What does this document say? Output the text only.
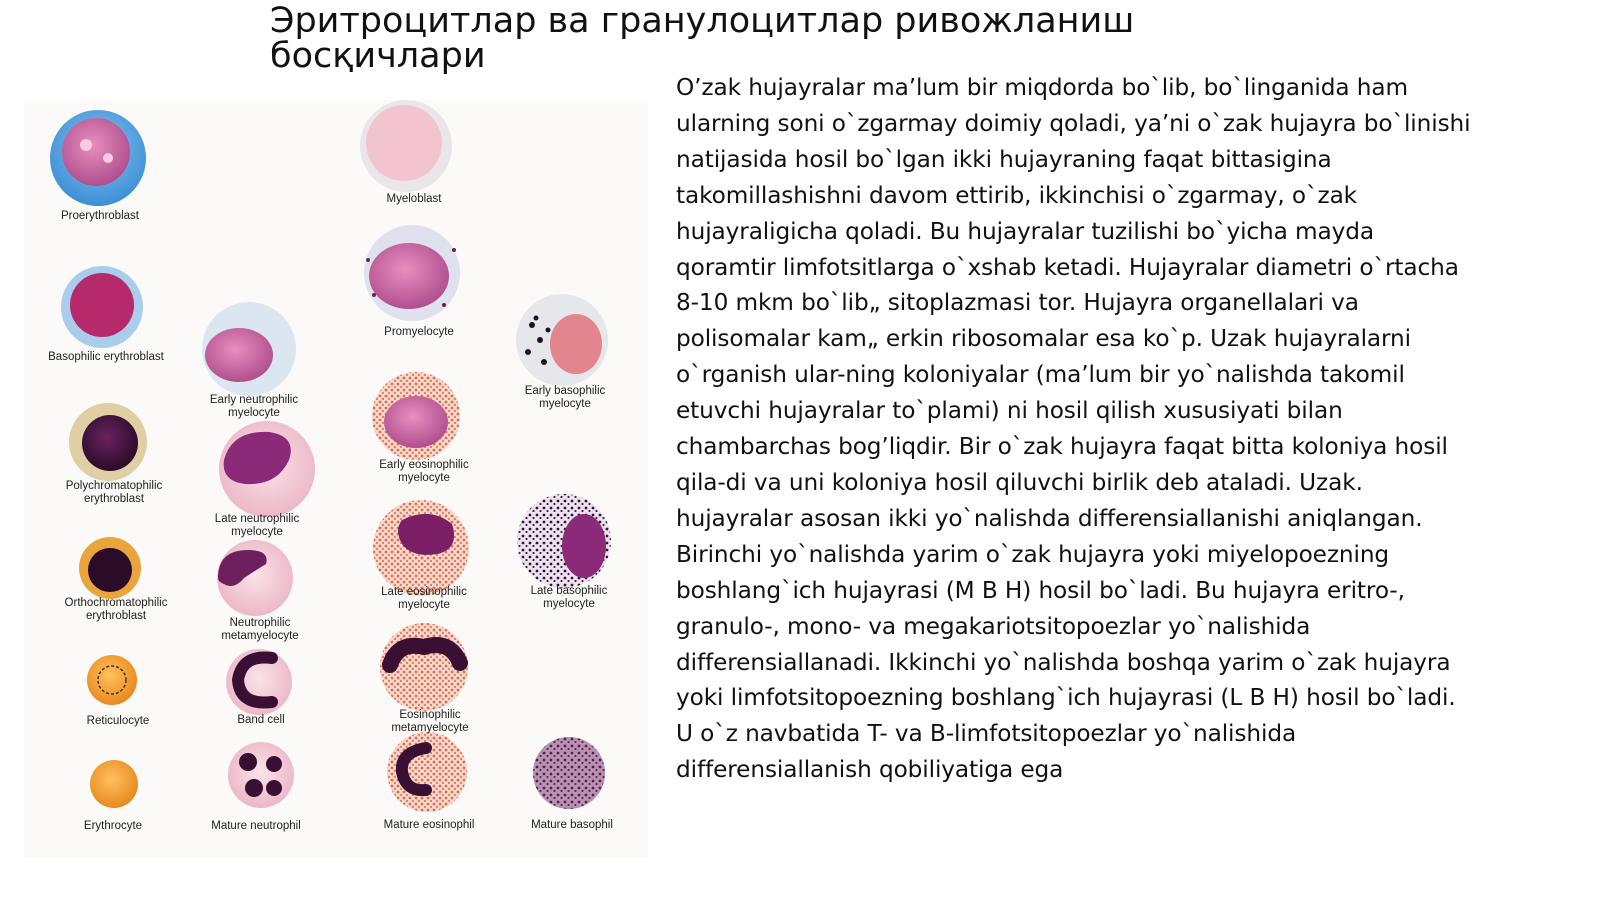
Эритроцитлар ва гранулоцитлар ривожланиш босқичлари
Proerythroblast
Basophilic erythroblast
Polychromatophilic erythroblast
Orthochromatophilic erythroblast
Reticulocyte
Erythrocyte
Early neutrophilic myelocyte
Late neutrophilic myelocyte
Neutrophilic metamyelocyte
Band cell
Mature neutrophil
Myeloblast
Promyelocyte
Early eosinophilic myelocyte
Late eosinophilic myelocyte
Eosinophilic metamyelocyte
Mature eosinophil
Early basophilic myelocyte
Late basophilic myelocyte
Mature basophil
O’zak hujayralar ma’lum bir miqdorda bo`lib, bo`linganida ham ularning soni o`zgarmay doimiy qoladi, ya’ni o`zak hujayra bo`linishi natijasida hosil bo`lgan ikki hujayraning faqat bittasigina takomillashishni davom ettirib, ikkinchisi o`zgarmay, o`zak hujayraligicha qoladi. Bu hujayralar tuzilishi bo`yicha mayda qoramtir limfotsitlarga o`xshab ketadi. Hujayralar diametri o`rtacha 8-10 mkm bo`lib„ sitoplazmasi tor. Hujayra organellalari va polisomalar kam„ erkin ribosomalar esa ko`p. Uzak hujayralarni o`rganish ular-ning koloniyalar (ma’lum bir yo`nalishda takomil etuvchi hujayralar to`plami) ni hosil qilish xususiyati bilan chambarchas bog’liqdir. Bir o`zak hujayra faqat bitta koloniya hosil qila-di va uni koloniya hosil qiluvchi birlik deb ataladi. Uzak. hujayralar asosan ikki yo`nalishda differensiallanishi aniqlangan. Birinchi yo`nalishda yarim o`zak hujayra yoki miyelopoezning boshlang`ich hujayrasi (M B H) hosil bo`ladi. Bu hujayra eritro-, granulo-, mono- va megakariotsitopoezlar yo`nalishida differensiallanadi. Ikkinchi yo`nalishda boshqa yarim o`zak hujayra yoki limfotsitopoezning boshlang`ich hujayrasi (L B H) hosil bo`ladi. U o`z navbatida T- va B-limfotsitopoezlar yo`nalishida differensiallanish qobiliyatiga ega
